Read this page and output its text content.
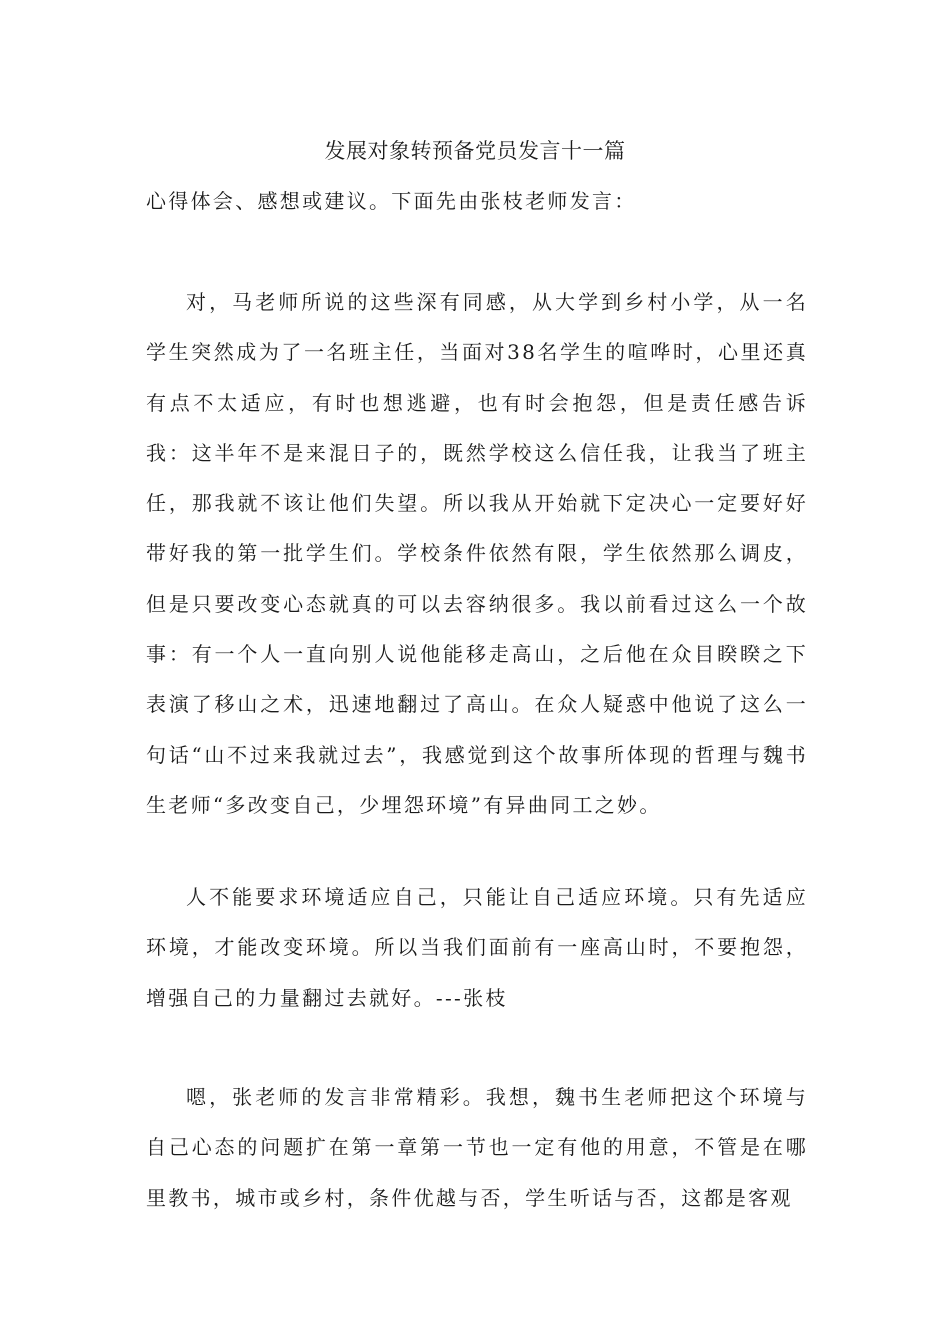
发展对象转预备党员发言十一篇
心得体会、感想或建议。下面先由张枝老师发言：
对，马老师所说的这些深有同感，从大学到乡村小学，从一名学生突然成为了一名班主任，当面对38名学生的喧哗时，心里还真有点不太适应，有时也想逃避，也有时会抱怨，但是责任感告诉我：这半年不是来混日子的，既然学校这么信任我，让我当了班主任，那我就不该让他们失望。所以我从开始就下定决心一定要好好带好我的第一批学生们。学校条件依然有限，学生依然那么调皮，但是只要改变心态就真的可以去容纳很多。我以前看过这么一个故事：有一个人一直向别人说他能移走高山，之后他在众目睽睽之下表演了移山之术，迅速地翻过了高山。在众人疑惑中他说了这么一句话“山不过来我就过去”，我感觉到这个故事所体现的哲理与魏书生老师“多改变自己，少埋怨环境”有异曲同工之妙。
人不能要求环境适应自己，只能让自己适应环境。只有先适应环境，才能改变环境。所以当我们面前有一座高山时，不要抱怨，增强自己的力量翻过去就好。---张枝
嗯，张老师的发言非常精彩。我想，魏书生老师把这个环境与自己心态的问题扩在第一章第一节也一定有他的用意，不管是在哪里教书，城市或乡村，条件优越与否，学生听话与否，这都是客观
